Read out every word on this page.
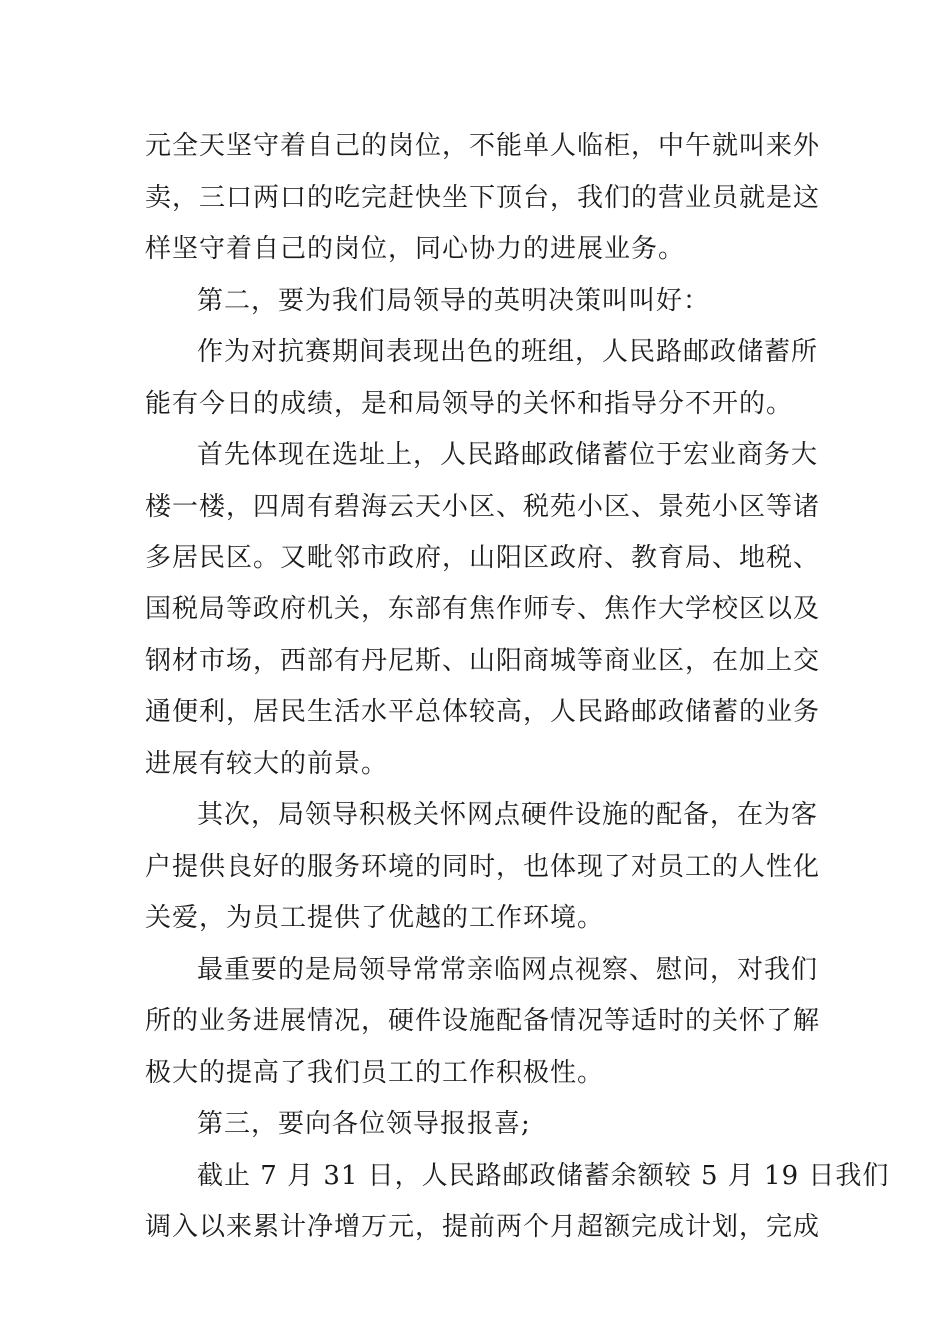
元全天坚守着自己的岗位，不能单人临柜，中午就叫来外
卖，三口两口的吃完赶快坐下顶台，我们的营业员就是这
样坚守着自己的岗位，同心协力的进展业务。
第二，要为我们局领导的英明决策叫叫好：
作为对抗赛期间表现出色的班组，人民路邮政储蓄所
能有今日的成绩，是和局领导的关怀和指导分不开的。
首先体现在选址上，人民路邮政储蓄位于宏业商务大
楼一楼，四周有碧海云天小区、税苑小区、景苑小区等诸
多居民区。又毗邻市政府，山阳区政府、教育局、地税、
国税局等政府机关，东部有焦作师专、焦作大学校区以及
钢材市场，西部有丹尼斯、山阳商城等商业区，在加上交
通便利，居民生活水平总体较高，人民路邮政储蓄的业务
进展有较大的前景。
其次，局领导积极关怀网点硬件设施的配备，在为客
户提供良好的服务环境的同时，也体现了对员工的人性化
关爱，为员工提供了优越的工作环境。
最重要的是局领导常常亲临网点视察、慰问，对我们
所的业务进展情况，硬件设施配备情况等适时的关怀了解
极大的提高了我们员工的工作积极性。
第三，要向各位领导报报喜;
截止 7 月 31 日，人民路邮政储蓄余额较 5 月 19 日我们
调入以来累计净增万元，提前两个月超额完成计划，完成
